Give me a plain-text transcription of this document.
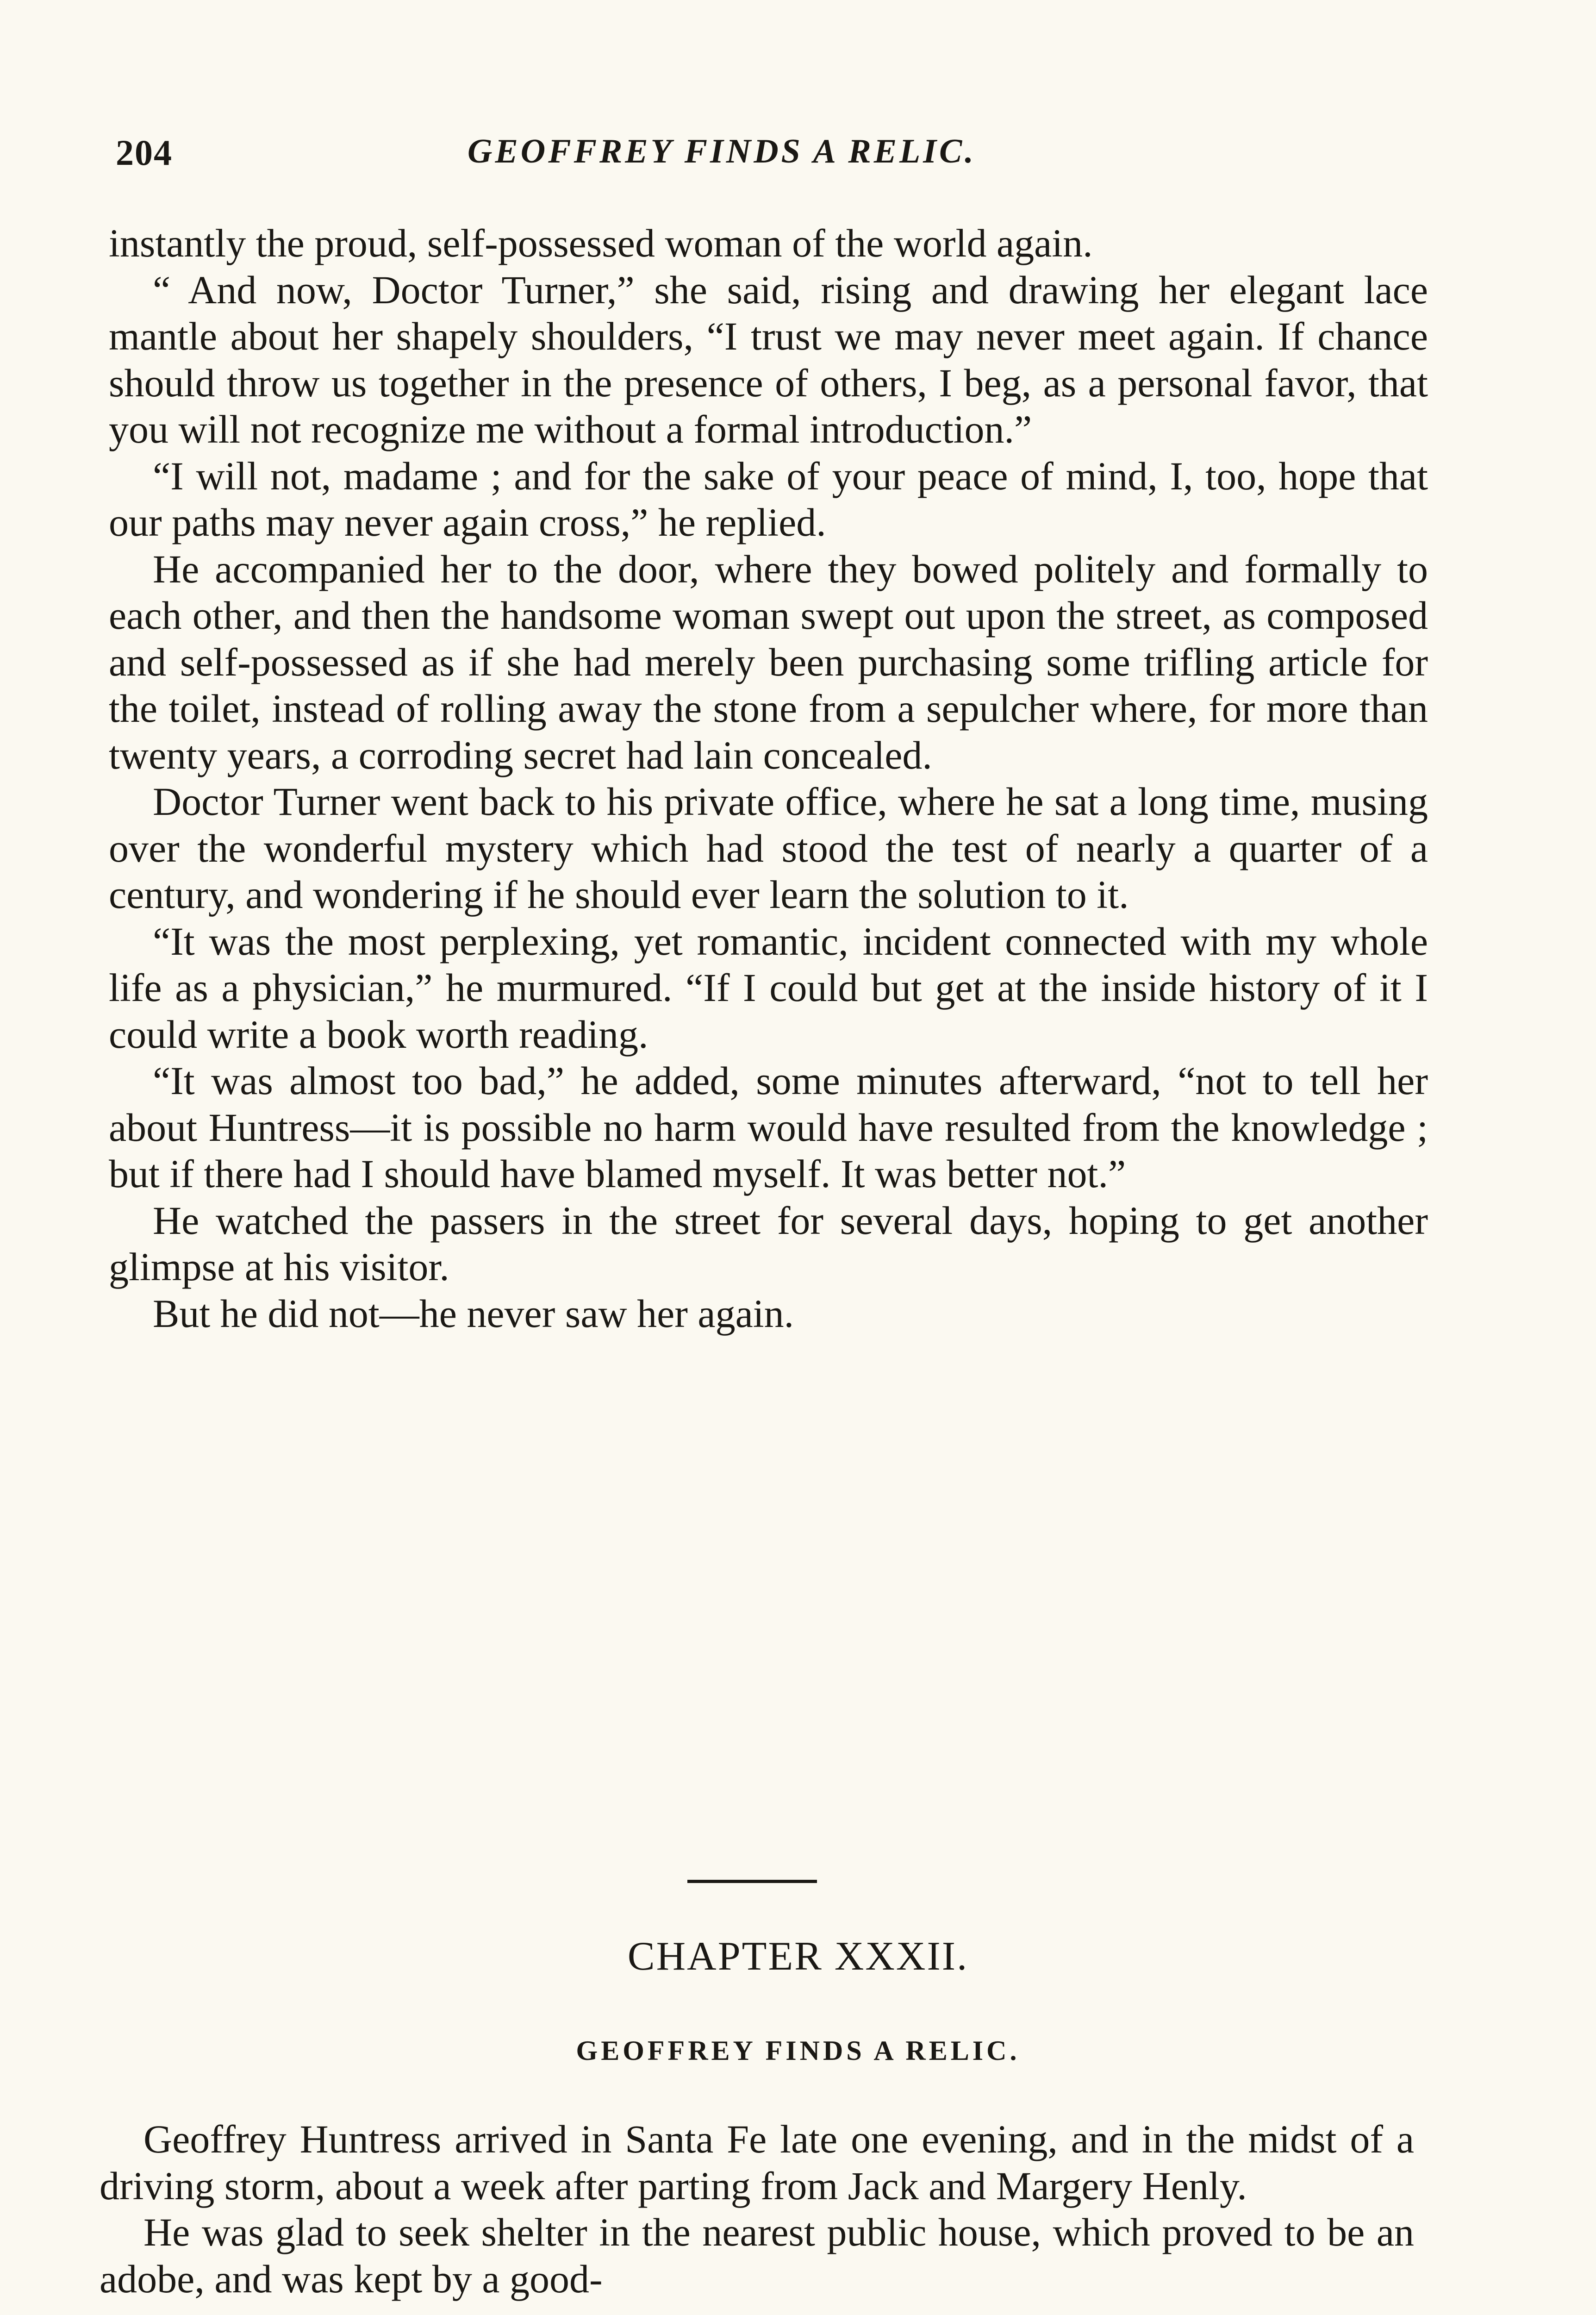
204	GEOFFREY FINDS A RELIC.

instantly the proud, self-possessed woman of the world again.

“ And now, Doctor Turner,” she said, rising and drawing her elegant lace mantle about her shapely shoulders, “I trust we may never meet again. If chance should throw us together in the presence of others, I beg, as a personal favor, that you will not recognize me without a formal introduction.”

“I will not, madame ; and for the sake of your peace of mind, I, too, hope that our paths may never again cross,” he replied.

He accompanied her to the door, where they bowed politely and formally to each other, and then the handsome woman swept out upon the street, as composed and self-possessed as if she had merely been purchasing some trifling article for the toilet, instead of rolling away the stone from a sepulcher where, for more than twenty years, a corroding secret had lain concealed.

Doctor Turner went back to his private office, where he sat a long time, musing over the wonderful mystery which had stood the test of nearly a quarter of a century, and wondering if he should ever learn the solution to it.

“It was the most perplexing, yet romantic, incident connected with my whole life as a physician,” he murmured. “If I could but get at the inside history of it I could write a book worth reading.

“It was almost too bad,” he added, some minutes afterward, “not to tell her about Huntress—it is possible no harm would have resulted from the knowledge ; but if there had I should have blamed myself. It was better not.”

He watched the passers in the street for several days, hoping to get another glimpse at his visitor.

But he did not—he never saw her again.

CHAPTER XXXII.
GEOFFREY FINDS A RELIC.

Geoffrey Huntress arrived in Santa Fe late one evening, and in the midst of a driving storm, about a week after parting from Jack and Margery Henly.

He was glad to seek shelter in the nearest public house, which proved to be an adobe, and was kept by a good-
